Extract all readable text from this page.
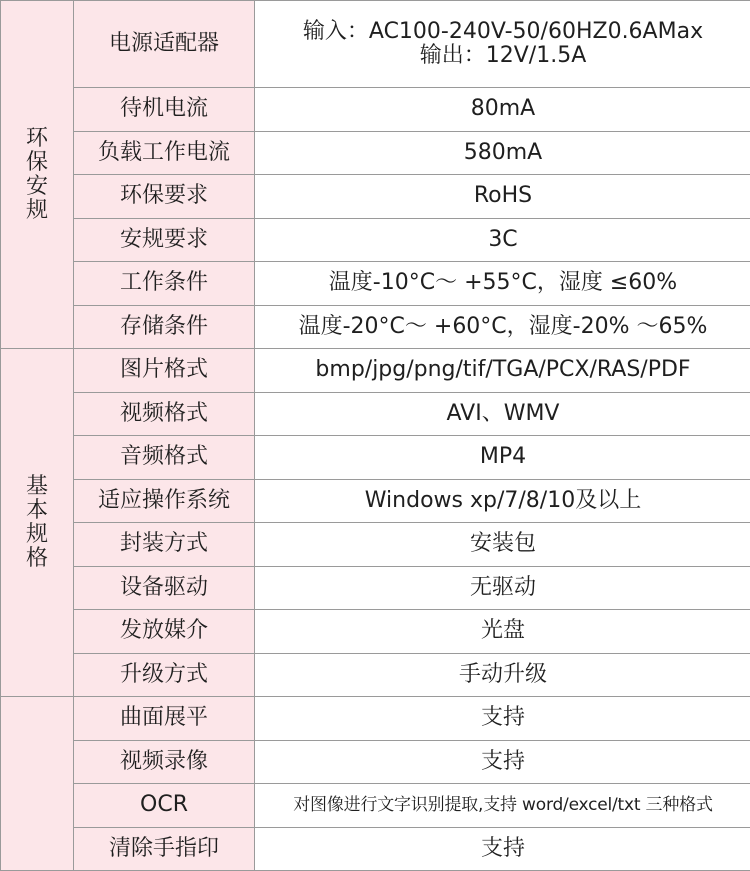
环保安规	电源适配器	输入：AC100-240V-50/60HZ0.6AMax
输出：12V/1.5A

	待机电流	80mA
	负载工作电流	580mA
	环保要求	RoHS
	安规要求	3C
	工作条件	温度-10°C～ +55°C，湿度 ≤60%
	存储条件	温度-20°C～ +60°C，湿度-20% ～65%
基本规格	图片格式	bmp/jpg/png/tif/TGA/PCX/RAS/PDF
	视频格式	AVI、WMV
	音频格式	MP4
	适应操作系统	Windows xp/7/8/10及以上
	封装方式	安装包
	设备驱动	无驱动
	发放媒介	光盘
	升级方式	手动升级
	曲面展平	支持
	视频录像	支持
	OCR	对图像进行文字识别提取,支持 word/excel/txt 三种格式
	清除手指印	支持
